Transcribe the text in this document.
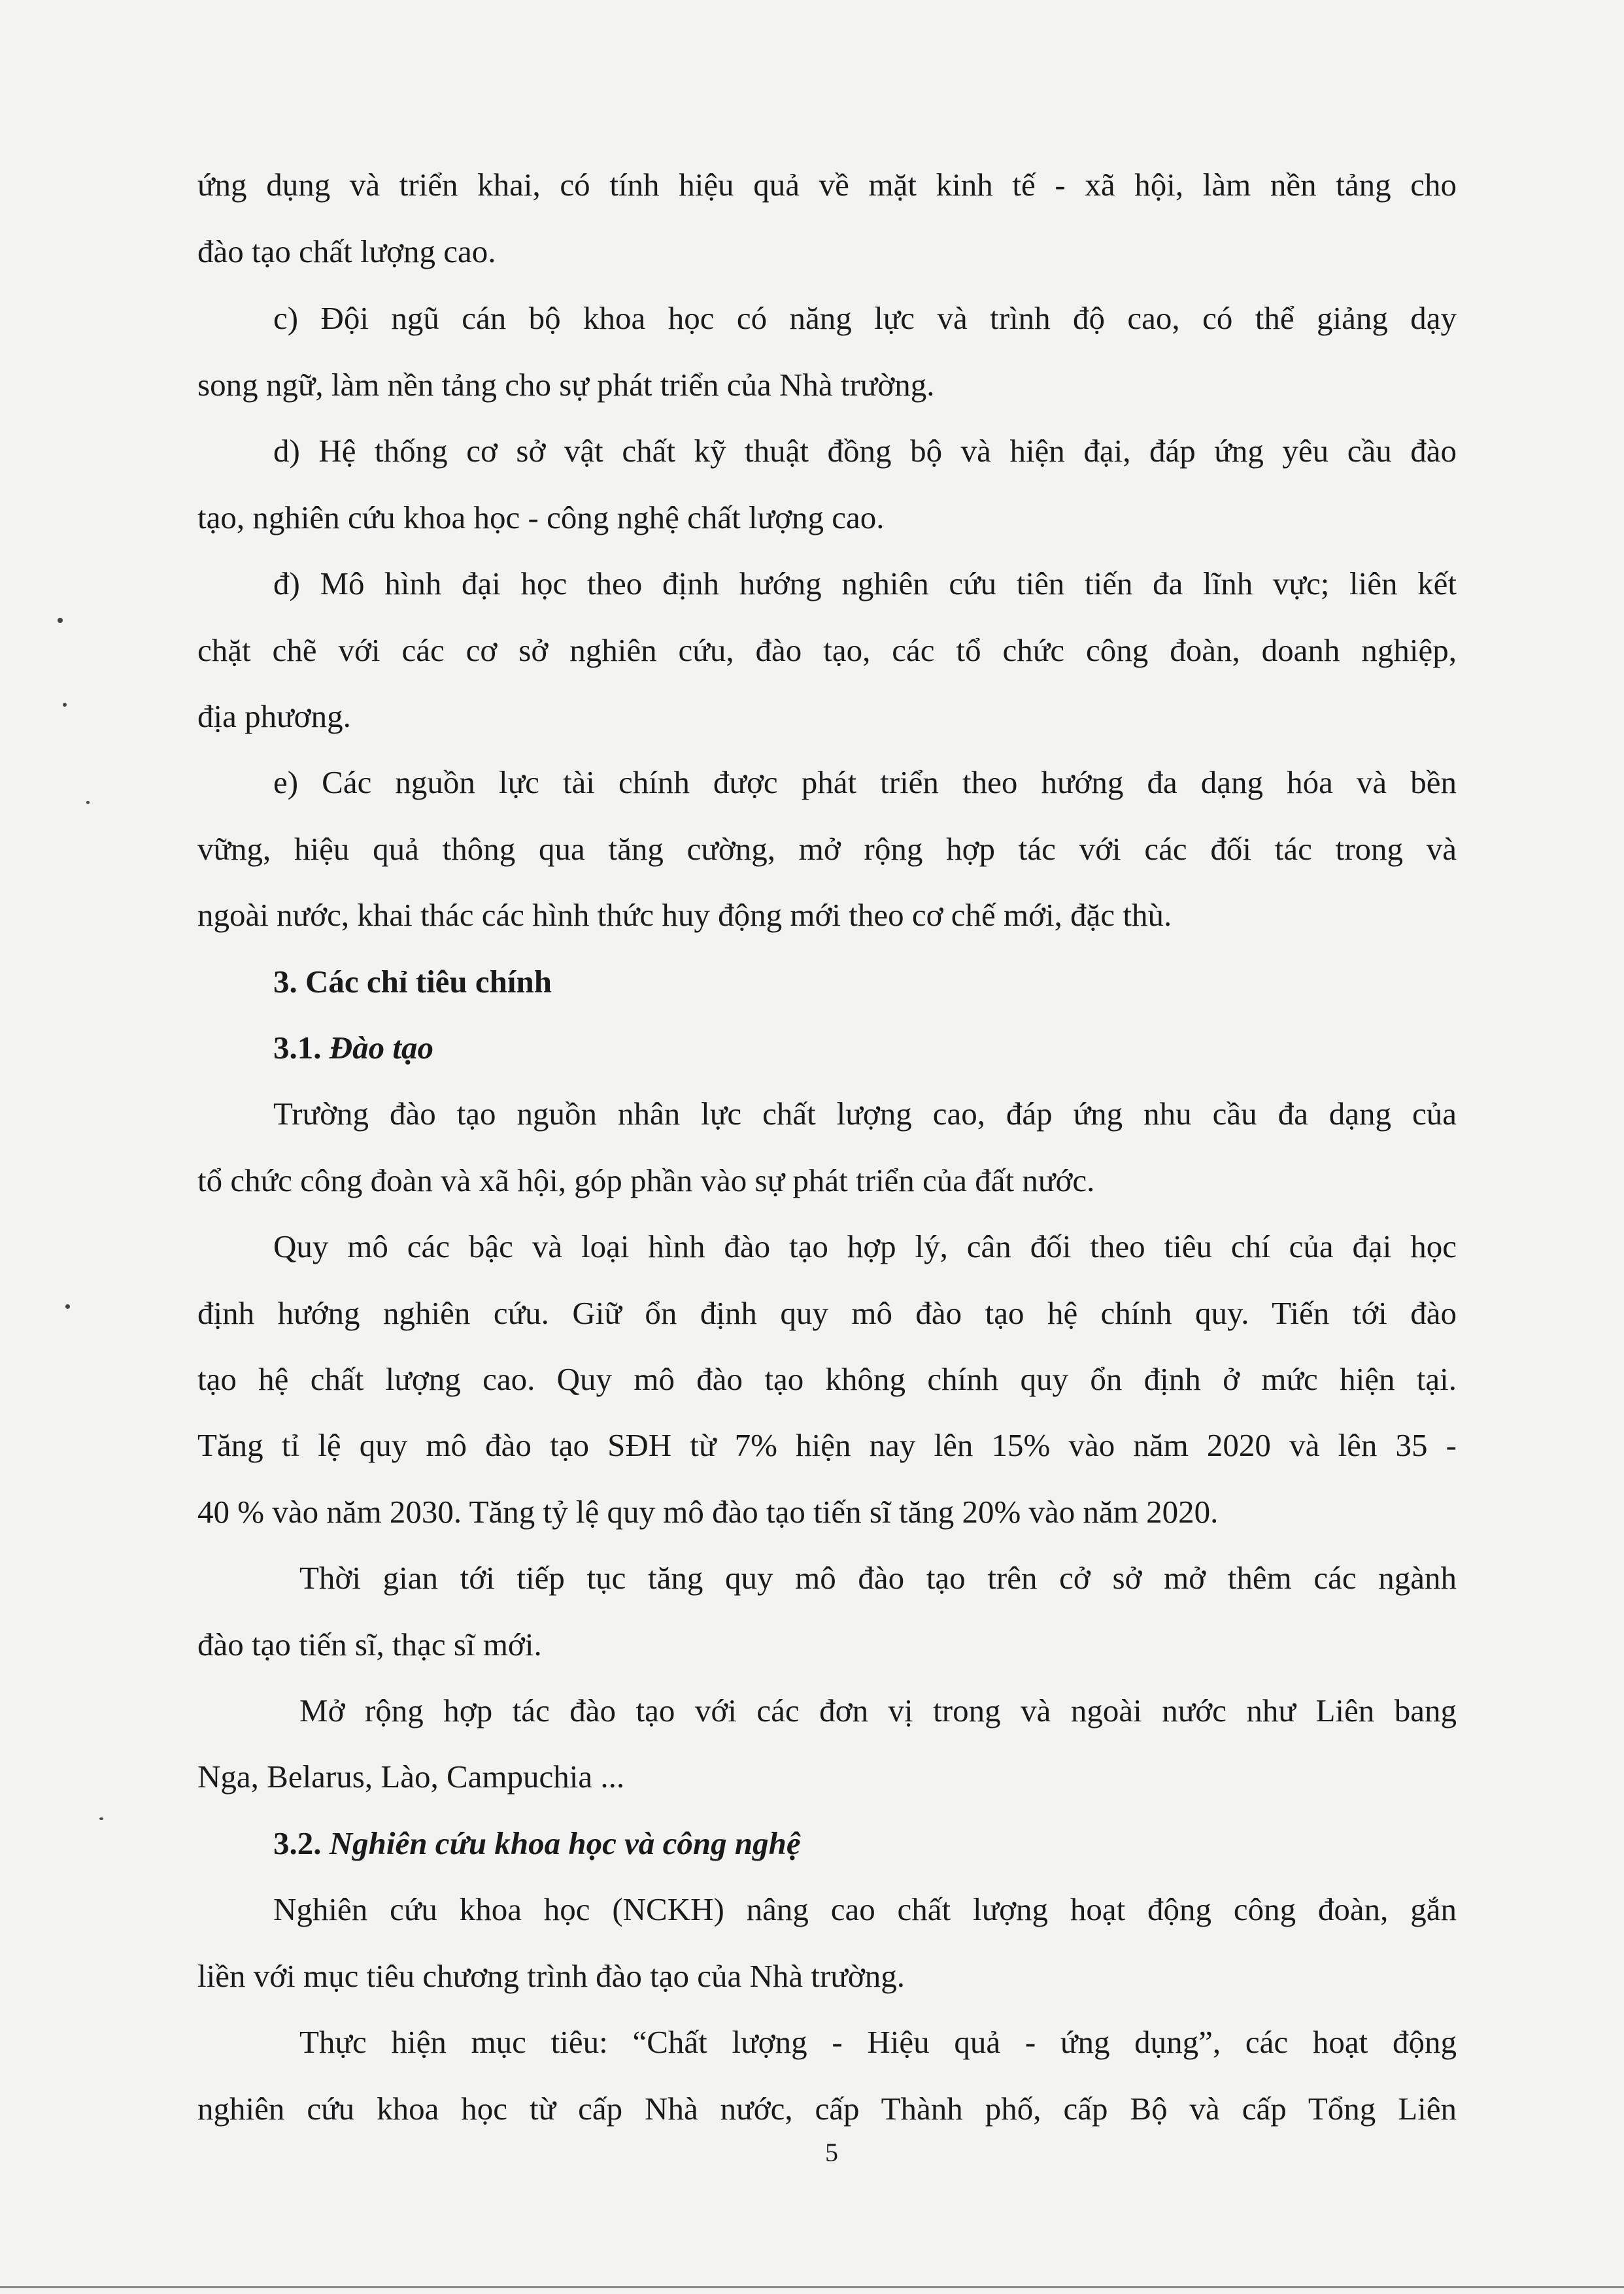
ứng dụng và triển khai, có tính hiệu quả về mặt kinh tế - xã hội, làm nền tảng cho
đào tạo chất lượng cao.
c) Đội ngũ cán bộ khoa học có năng lực và trình độ cao, có thể giảng dạy
song ngữ, làm nền tảng cho sự phát triển của Nhà trường.
d) Hệ thống cơ sở vật chất kỹ thuật đồng bộ và hiện đại, đáp ứng yêu cầu đào
tạo, nghiên cứu khoa học - công nghệ chất lượng cao.
đ) Mô hình đại học theo định hướng nghiên cứu tiên tiến đa lĩnh vực; liên kết
chặt chẽ với các cơ sở nghiên cứu, đào tạo, các tổ chức công đoàn, doanh nghiệp,
địa phương.
e) Các nguồn lực tài chính được phát triển theo hướng đa dạng hóa và bền
vững, hiệu quả thông qua tăng cường, mở rộng hợp tác với các đối tác trong và
ngoài nước, khai thác các hình thức huy động mới theo cơ chế mới, đặc thù.
3. Các chỉ tiêu chính
3.1. Đào tạo
Trường đào tạo nguồn nhân lực chất lượng cao, đáp ứng nhu cầu đa dạng của
tổ chức công đoàn và xã hội, góp phần vào sự phát triển của đất nước.
Quy mô các bậc và loại hình đào tạo hợp lý, cân đối theo tiêu chí của đại học
định hướng nghiên cứu. Giữ ổn định quy mô đào tạo hệ chính quy. Tiến tới đào
tạo hệ chất lượng cao. Quy mô đào tạo không chính quy ổn định ở mức hiện tại.
Tăng tỉ lệ quy mô đào tạo SĐH từ 7% hiện nay lên 15% vào năm 2020 và lên 35 -
40 % vào năm 2030. Tăng tỷ lệ quy mô đào tạo tiến sĩ tăng 20% vào năm 2020.
Thời gian tới tiếp tục tăng quy mô đào tạo trên cở sở mở thêm các ngành
đào tạo tiến sĩ, thạc sĩ mới.
Mở rộng hợp tác đào tạo với các đơn vị trong và ngoài nước như Liên bang
Nga, Belarus, Lào, Campuchia ...
3.2. Nghiên cứu khoa học và công nghệ
Nghiên cứu khoa học (NCKH) nâng cao chất lượng hoạt động công đoàn, gắn
liền với mục tiêu chương trình đào tạo của Nhà trường.
Thực hiện mục tiêu: “Chất lượng - Hiệu quả - ứng dụng”, các hoạt động
nghiên cứu khoa học từ cấp Nhà nước, cấp Thành phố, cấp Bộ và cấp Tổng Liên
5
